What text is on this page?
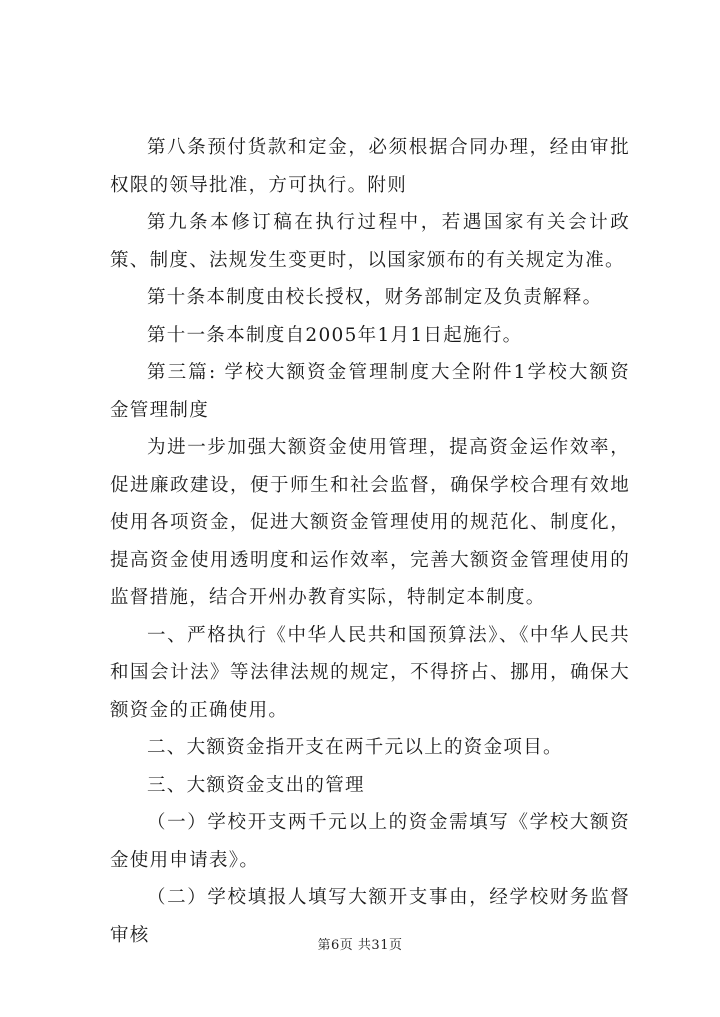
第八条预付货款和定金，必须根据合同办理，经由审批权限的领导批准，方可执行。附则

第九条本修订稿在执行过程中，若遇国家有关会计政策、制度、法规发生变更时，以国家颁布的有关规定为准。

第十条本制度由校长授权，财务部制定及负责解释。

第十一条本制度自2005年1月1日起施行。

第三篇: 学校大额资金管理制度大全附件1学校大额资金管理制度

为进一步加强大额资金使用管理，提高资金运作效率，促进廉政建设，便于师生和社会监督，确保学校合理有效地使用各项资金，促进大额资金管理使用的规范化、制度化，提高资金使用透明度和运作效率，完善大额资金管理使用的监督措施，结合开州办教育实际，特制定本制度。

一、严格执行《中华人民共和国预算法》、《中华人民共和国会计法》等法律法规的规定，不得挤占、挪用，确保大额资金的正确使用。

二、大额资金指开支在两千元以上的资金项目。

三、大额资金支出的管理

（一）学校开支两千元以上的资金需填写《学校大额资金使用申请表》。

（二）学校填报人填写大额开支事由，经学校财务监督审核	第6页 共31页
